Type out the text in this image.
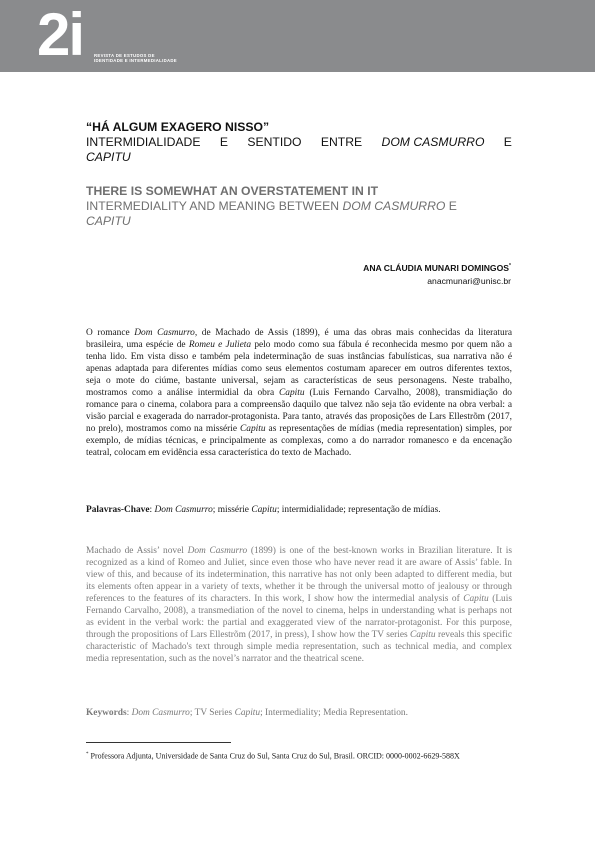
2i	REVISTA DE ESTUDOS DE
IDENTIDADE E INTERMEDIALIDADE
“HÁ ALGUM EXAGERO NISSO”
INTERMIDIALIDADE E SENTIDO ENTRE DOM CASMURRO E
CAPITU
THERE IS SOMEWHAT AN OVERSTATEMENT IN IT
INTERMEDIALITY AND MEANING BETWEEN DOM CASMURRO E
CAPITU
ANA CLÁUDIA MUNARI DOMINGOS*
anacmunari@unisc.br
O romance Dom Casmurro, de Machado de Assis (1899), é uma das obras mais conhecidas da literatura brasileira, uma espécie de Romeu e Julieta pelo modo como sua fábula é reconhecida mesmo por quem não a tenha lido. Em vista disso e também pela indeterminação de suas instâncias fabulísticas, sua narrativa não é apenas adaptada para diferentes mídias como seus elementos costumam aparecer em outros diferentes textos, seja o mote do ciúme, bastante universal, sejam as características de seus personagens. Neste trabalho, mostramos como a análise intermidial da obra Capitu (Luis Fernando Carvalho, 2008), transmidiação do romance para o cinema, colabora para a compreensão daquilo que talvez não seja tão evidente na obra verbal: a visão parcial e exagerada do narrador-protagonista. Para tanto, através das proposições de Lars Ellestrõm (2017, no prelo), mostramos como na missérie Capitu as representações de mídias (media representation) simples, por exemplo, de mídias técnicas, e principalmente as complexas, como a do narrador romanesco e da encenação teatral, colocam em evidência essa característica do texto de Machado.
Palavras-Chave: Dom Casmurro; missérie Capitu; intermidialidade; representação de mídias.
Machado de Assis’ novel Dom Casmurro (1899) is one of the best-known works in Brazilian literature. It is recognized as a kind of Romeo and Juliet, since even those who have never read it are aware of Assis’ fable. In view of this, and because of its indetermination, this narrative has not only been adapted to different media, but its elements often appear in a variety of texts, whether it be through the universal motto of jealousy or through references to the features of its characters. In this work, I show how the intermedial analysis of Capitu (Luis Fernando Carvalho, 2008), a transmediation of the novel to cinema, helps in understanding what is perhaps not as evident in the verbal work: the partial and exaggerated view of the narrator-protagonist. For this purpose, through the propositions of Lars Ellestrõm (2017, in press), I show how the TV series Capitu reveals this specific characteristic of Machado's text through simple media representation, such as technical media, and complex media representation, such as the novel’s narrator and the theatrical scene.
Keywords: Dom Casmurro; TV Series Capitu; Intermediality; Media Representation.
* Professora Adjunta, Universidade de Santa Cruz do Sul, Santa Cruz do Sul, Brasil. ORCID: 0000-0002-6629-588X
